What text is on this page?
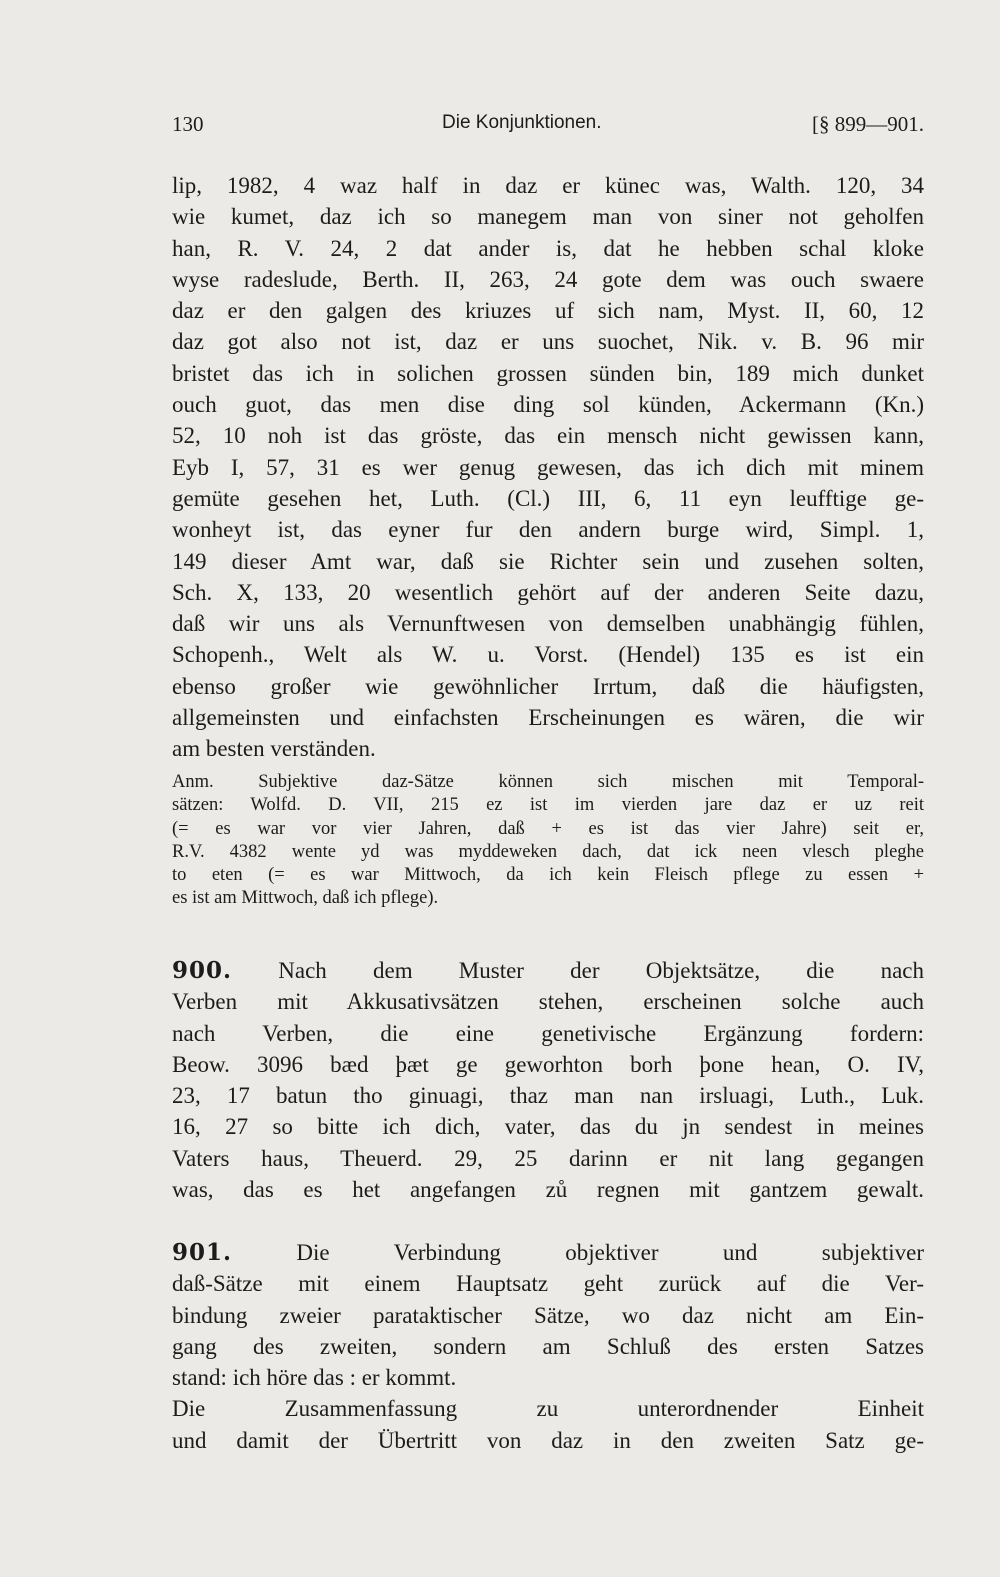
130	Die Konjunktionen.	[§ 899—901.
lip, 1982, 4 waz half in daz er künec was, Walth. 120, 34
wie kumet, daz ich so manegem man von siner not geholfen
han, R. V. 24, 2 dat ander is, dat he hebben schal kloke
wyse radeslude, Berth. II, 263, 24 gote dem was ouch swaere
daz er den galgen des kriuzes uf sich nam, Myst. II, 60, 12
daz got also not ist, daz er uns suochet, Nik. v. B. 96 mir
bristet das ich in solichen grossen sünden bin, 189 mich dunket
ouch guot, das men dise ding sol künden, Ackermann (Kn.)
52, 10 noh ist das gröste, das ein mensch nicht gewissen kann,
Eyb I, 57, 31 es wer genug gewesen, das ich dich mit minem
gemüte gesehen het, Luth. (Cl.) III, 6, 11 eyn leufftige ge-
wonheyt ist, das eyner fur den andern burge wird, Simpl. 1,
149 dieser Amt war, daß sie Richter sein und zusehen solten,
Sch. X, 133, 20 wesentlich gehört auf der anderen Seite dazu,
daß wir uns als Vernunftwesen von demselben unabhängig fühlen,
Schopenh., Welt als W. u. Vorst. (Hendel) 135 es ist ein
ebenso großer wie gewöhnlicher Irrtum, daß die häufigsten,
allgemeinsten und einfachsten Erscheinungen es wären, die wir
am besten verständen.
Anm. Subjektive daz-Sätze können sich mischen mit Temporal-
sätzen: Wolfd. D. VII, 215 ez ist im vierden jare daz er uz reit
(= es war vor vier Jahren, daß + es ist das vier Jahre) seit er,
R.V. 4382 wente yd was myddeweken dach, dat ick neen vlesch pleghe
to eten (= es war Mittwoch, da ich kein Fleisch pflege zu essen +
es ist am Mittwoch, daß ich pflege).
900. Nach dem Muster der Objektsätze, die nach
Verben mit Akkusativsätzen stehen, erscheinen solche auch
nach Verben, die eine genetivische Ergänzung fordern:
Beow. 3096 bæd þæt ge geworhton borh þone hean, O. IV,
23, 17 batun tho ginuagi, thaz man nan irsluagi, Luth., Luk.
16, 27 so bitte ich dich, vater, das du jn sendest in meines
Vaters haus, Theuerd. 29, 25 darinn er nit lang gegangen
was, das es het angefangen zů regnen mit gantzem gewalt.
901.	Die Verbindung objektiver und subjektiver
daß-Sätze mit einem Hauptsatz geht zurück auf die Ver-
bindung zweier parataktischer Sätze, wo daz nicht am Ein-
gang des zweiten, sondern am Schluß des ersten Satzes
stand: ich höre das : er kommt.
Die Zusammenfassung zu unterordnender Einheit
und damit der Übertritt von daz in den zweiten Satz ge-
